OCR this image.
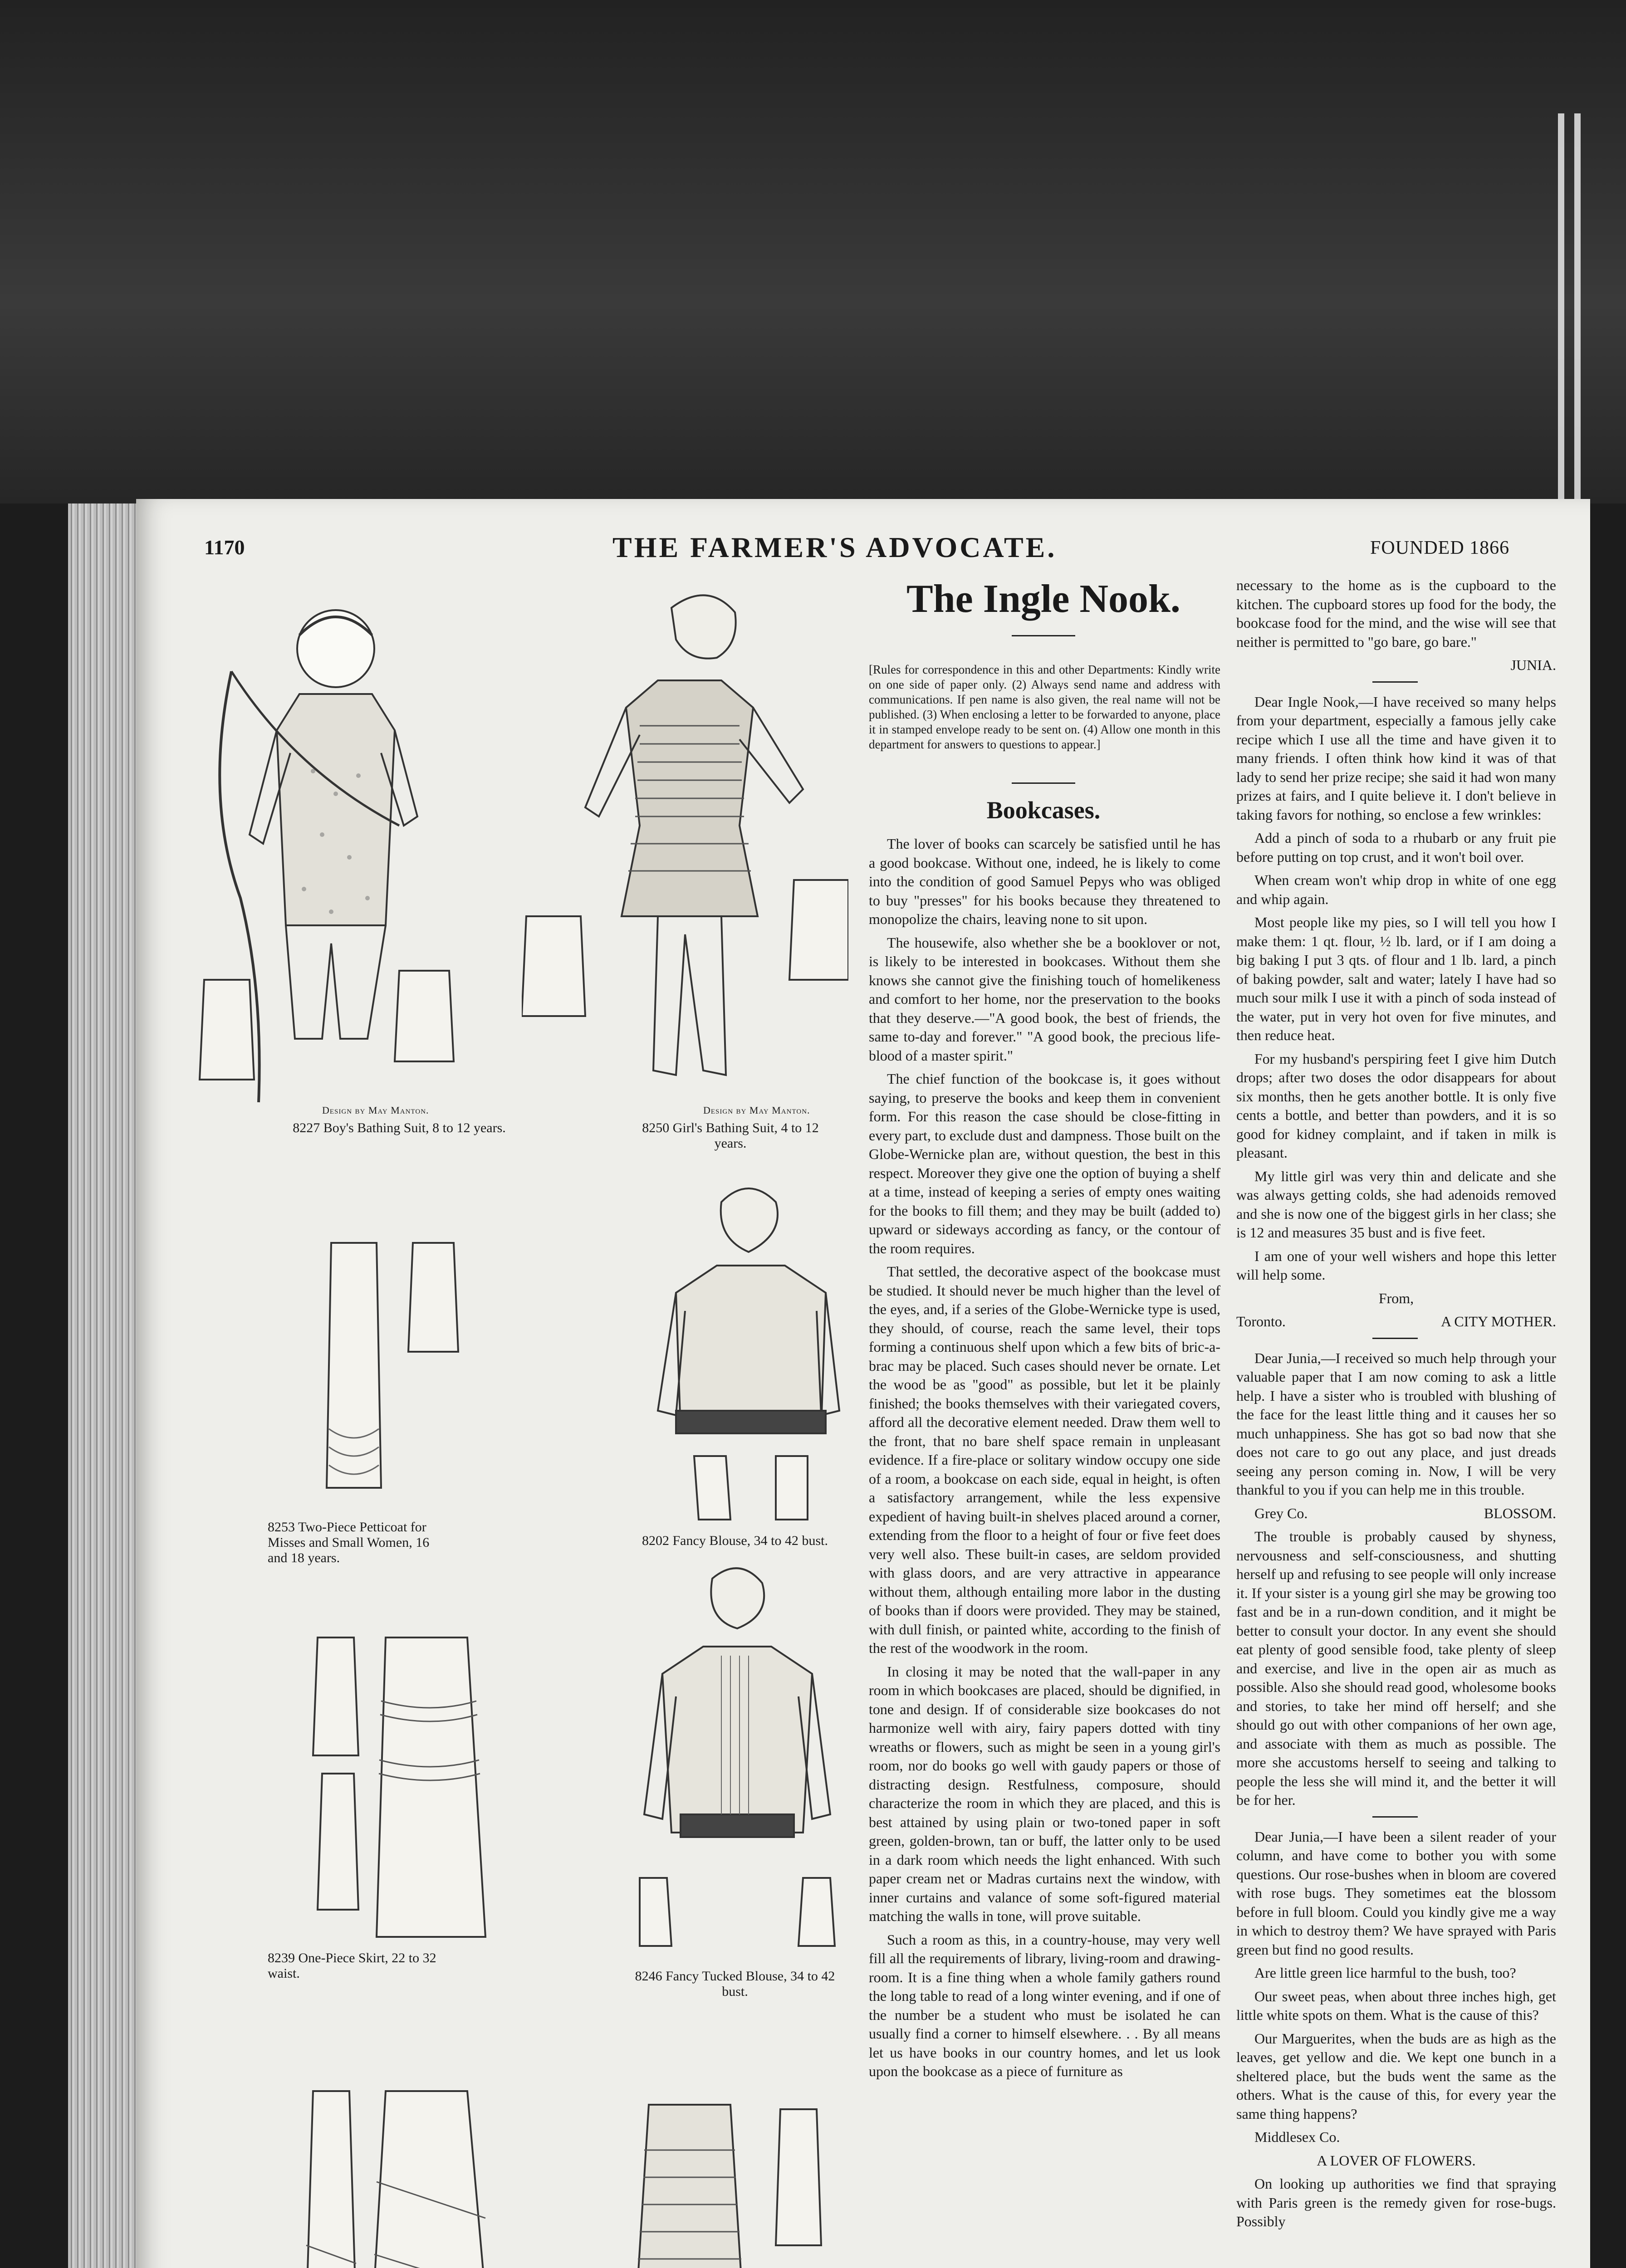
1170	THE FARMER'S ADVOCATE.	FOUNDED 1866
Design by May Manton.
8227 Boy's Bathing Suit, 8 to 12 years.
Design by May Manton.
8250 Girl's Bathing Suit, 4 to 12 years.
8253 Two-Piece Petticoat for Misses and Small Women, 16 and 18 years.
8202 Fancy Blouse, 34 to 42 bust.
8239 One-Piece Skirt, 22 to 32 waist.	8246 Fancy Tucked Blouse, 34 to 42 bust.
The Ingle Nook.
[Rules for correspondence in this and other Departments: Kindly write on one side of paper only. (2) Always send name and address with communications. If pen name is also given, the real name will not be published. (3) When enclosing a letter to be forwarded to anyone, place it in stamped envelope ready to be sent on. (4) Allow one month in this department for answers to questions to appear.]
Bookcases.

The lover of books can scarcely be satisfied until he has a good bookcase. Without one, indeed, he is likely to come into the condition of good Samuel Pepys who was obliged to buy "presses" for his books because they threatened to monopolize the chairs, leaving none to sit upon.

The housewife, also whether she be a booklover or not, is likely to be interested in bookcases. Without them she knows she cannot give the finishing touch of homelikeness and comfort to her home, nor the preservation to the books that they deserve.—"A good book, the best of friends, the same to-day and forever." "A good book, the precious life-blood of a master spirit."

The chief function of the bookcase is, it goes without saying, to preserve the books and keep them in convenient form. For this reason the case should be close-fitting in every part, to exclude dust and dampness. Those built on the Globe-Wernicke plan are, without question, the best in this respect. Moreover they give one the option of buying a shelf at a time, instead of keeping a series of empty ones waiting for the books to fill them; and they may be built (added to) upward or sideways according as fancy, or the contour of the room requires.

That settled, the decorative aspect of the bookcase must be studied. It should never be much higher than the level of the eyes, and, if a series of the Globe-Wernicke type is used, they should, of course, reach the same level, their tops forming a continuous shelf upon which a few bits of bric-a-brac may be placed. Such cases should never be ornate. Let the wood be as "good" as possible, but let it be plainly finished; the books themselves with their variegated covers, afford all the decorative element needed. Draw them well to the front, that no bare shelf space remain in unpleasant evidence. If a fire-place or solitary window occupy one side of a room, a bookcase on each side, equal in height, is often a satisfactory arrangement, while the less expensive expedient of having built-in shelves placed around a corner, extending from the floor to a height of four or five feet does very well also. These built-in cases, are seldom provided with glass doors, and are very attractive in appearance without them, although entailing more labor in the dusting of books than if doors were provided. They may be stained, with dull finish, or painted white, according to the finish of the rest of the woodwork in the room.

In closing it may be noted that the wall-paper in any room in which bookcases are placed, should be dignified, in tone and design. If of considerable size bookcases do not harmonize well with airy, fairy papers dotted with tiny wreaths or flowers, such as might be seen in a young girl's room, nor do books go well with gaudy papers or those of distracting design. Restfulness, composure, should characterize the room in which they are placed, and this is best attained by using plain or two-toned paper in soft green, golden-brown, tan or buff, the latter only to be used in a dark room which needs the light enhanced. With such paper cream net or Madras curtains next the window, with inner curtains and valance of some soft-figured material matching the walls in tone, will prove suitable.

Such a room as this, in a country-house, may very well fill all the requirements of library, living-room and drawing-room. It is a fine thing when a whole family gathers round the long table to read of a long winter evening, and if one of the number be a student who must be isolated he can usually find a corner to himself elsewhere. . . By all means let us have books in our country homes, and let us look upon the bookcase as a piece of furniture as

necessary to the home as is the cupboard to the kitchen. The cupboard stores up food for the body, the bookcase food for the mind, and the wise will see that neither is permitted to "go bare, go bare."

JUNIA.

Dear Ingle Nook,—I have received so many helps from your department, especially a famous jelly cake recipe which I use all the time and have given it to many friends. I often think how kind it was of that lady to send her prize recipe; she said it had won many prizes at fairs, and I quite believe it. I don't believe in taking favors for nothing, so enclose a few wrinkles:

Add a pinch of soda to a rhubarb or any fruit pie before putting on top crust, and it won't boil over.

When cream won't whip drop in white of one egg and whip again.

Most people like my pies, so I will tell you how I make them: 1 qt. flour, ½ lb. lard, or if I am doing a big baking I put 3 qts. of flour and 1 lb. lard, a pinch of baking powder, salt and water; lately I have had so much sour milk I use it with a pinch of soda instead of the water, put in very hot oven for five minutes, and then reduce heat.

For my husband's perspiring feet I give him Dutch drops; after two doses the odor disappears for about six months, then he gets another bottle. It is only five cents a bottle, and better than powders, and it is so good for kidney complaint, and if taken in milk is pleasant.

My little girl was very thin and delicate and she was always getting colds, she had adenoids removed and she is now one of the biggest girls in her class; she is 12 and measures 35 bust and is five feet.

I am one of your well wishers and hope this letter will help some.

From,

Toronto.	A CITY MOTHER.

Dear Junia,—I received so much help through your valuable paper that I am now coming to ask a little help. I have a sister who is troubled with blushing of the face for the least little thing and it causes her so much unhappiness. She has got so bad now that she does not care to go out any place, and just dreads seeing any person coming in. Now, I will be very thankful to you if you can help me in this trouble.

Grey Co.	BLOSSOM.

The trouble is probably caused by shyness, nervousness and self-consciousness, and shutting herself up and refusing to see people will only increase it. If your sister is a young girl she may be growing too fast and be in a run-down condition, and it might be better to consult your doctor. In any event she should eat plenty of good sensible food, take plenty of sleep and exercise, and live in the open air as much as possible. Also she should read good, wholesome books and stories, to take her mind off herself; and she should go out with other companions of her own age, and associate with them as much as possible. The more she accustoms herself to seeing and talking to people the less she will mind it, and the better it will be for her.

Dear Junia,—I have been a silent reader of your column, and have come to bother you with some questions. Our rose-bushes when in bloom are covered with rose bugs. They sometimes eat the blossom before in full bloom. Could you kindly give me a way in which to destroy them? We have sprayed with Paris green but find no good results.

Are little green lice harmful to the bush, too?

Our sweet peas, when about three inches high, get little white spots on them. What is the cause of this?

Our Marguerites, when the buds are as high as the leaves, get yellow and die. We kept one bunch in a sheltered place, but the buds went the same as the others. What is the cause of this, for every year the same thing happens?

Middlesex Co.

A LOVER OF FLOWERS.

On looking up authorities we find that spraying with Paris green is the remedy given for rose-bugs. Possibly
